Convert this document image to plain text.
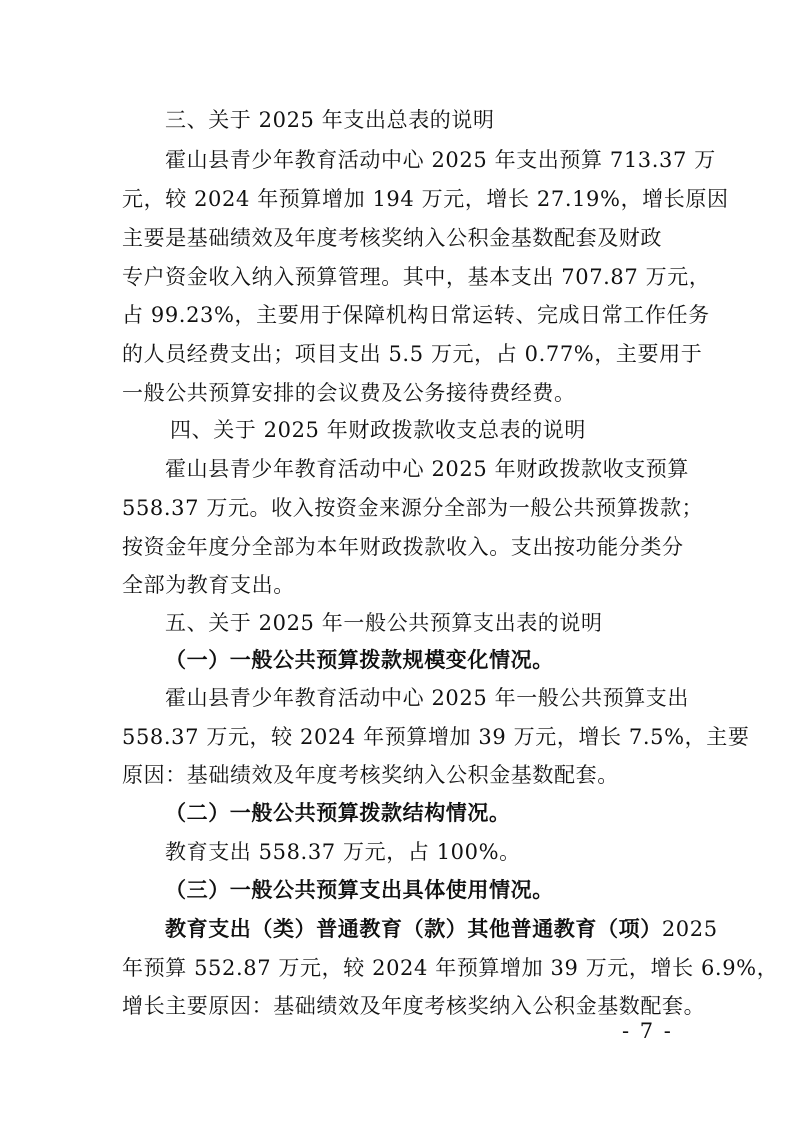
三、关于 2025 年支出总表的说明
霍山县青少年教育活动中心 2025 年支出预算 713.37 万
元，较 2024 年预算增加 194 万元，增长 27.19%，增长原因
主要是基础绩效及年度考核奖纳入公积金基数配套及财政
专户资金收入纳入预算管理。其中，基本支出 707.87 万元，
占 99.23%，主要用于保障机构日常运转、完成日常工作任务
的人员经费支出；项目支出 5.5 万元，占 0.77%，主要用于
一般公共预算安排的会议费及公务接待费经费。
四、关于 2025 年财政拨款收支总表的说明
霍山县青少年教育活动中心 2025 年财政拨款收支预算
558.37 万元。收入按资金来源分全部为一般公共预算拨款；
按资金年度分全部为本年财政拨款收入。支出按功能分类分
全部为教育支出。
五、关于 2025 年一般公共预算支出表的说明
（一）一般公共预算拨款规模变化情况。
霍山县青少年教育活动中心 2025 年一般公共预算支出
558.37 万元，较 2024 年预算增加 39 万元，增长 7.5%，主要
原因：基础绩效及年度考核奖纳入公积金基数配套。
（二）一般公共预算拨款结构情况。
教育支出 558.37 万元，占 100%。
（三）一般公共预算支出具体使用情况。
教育支出（类）普通教育（款）其他普通教育（项）2025
年预算 552.87 万元，较 2024 年预算增加 39 万元，增长 6.9%，
增长主要原因：基础绩效及年度考核奖纳入公积金基数配套。
- 7 -
